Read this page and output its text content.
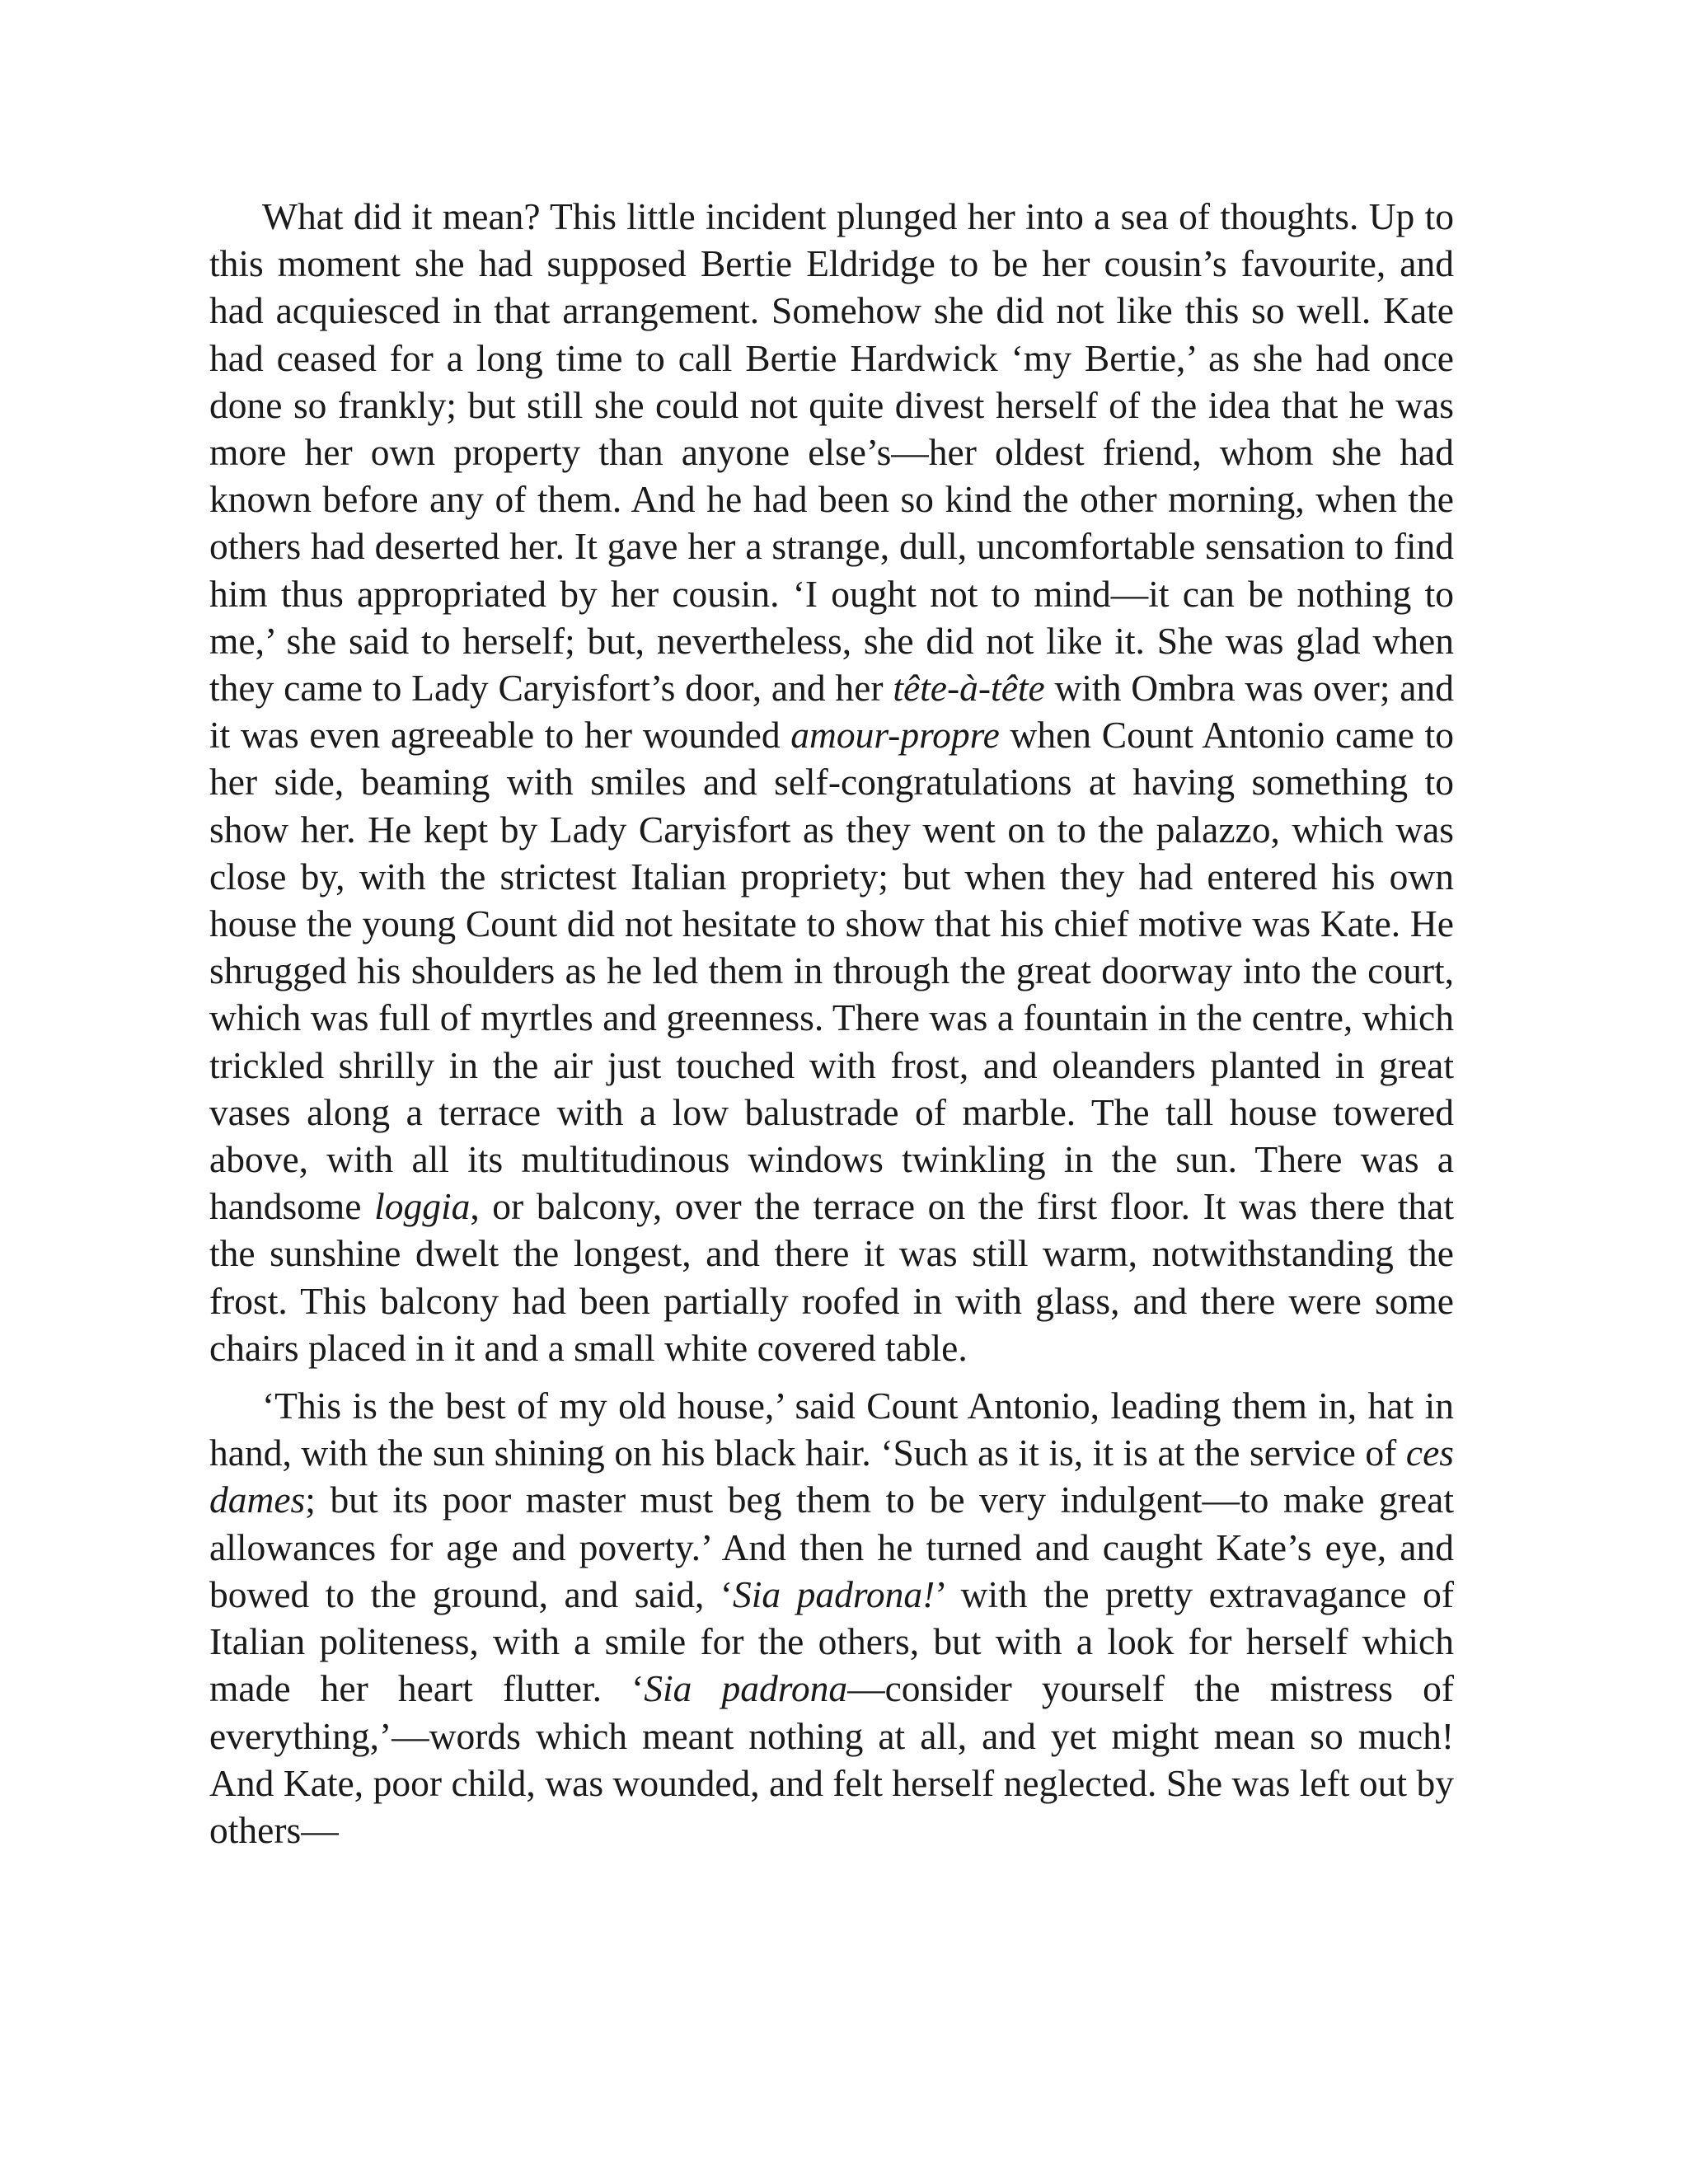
What did it mean? This little incident plunged her into a sea of thoughts. Up to this moment she had supposed Bertie Eldridge to be her cousin’s favourite, and had acquiesced in that arrangement. Somehow she did not like this so well. Kate had ceased for a long time to call Bertie Hardwick ‘my Bertie,’ as she had once done so frankly; but still she could not quite divest herself of the idea that he was more her own property than anyone else’s—her oldest friend, whom she had known before any of them. And he had been so kind the other morning, when the others had deserted her. It gave her a strange, dull, uncomfortable sensation to find him thus appropriated by her cousin. ‘I ought not to mind—it can be nothing to me,’ she said to herself; but, nevertheless, she did not like it. She was glad when they came to Lady Caryisfort’s door, and her tête-à-tête with Ombra was over; and it was even agreeable to her wounded amour-propre when Count Antonio came to her side, beaming with smiles and self-congratulations at having something to show her. He kept by Lady Caryisfort as they went on to the palazzo, which was close by, with the strictest Italian propriety; but when they had entered his own house the young Count did not hesitate to show that his chief motive was Kate. He shrugged his shoulders as he led them in through the great doorway into the court, which was full of myrtles and greenness. There was a fountain in the centre, which trickled shrilly in the air just touched with frost, and oleanders planted in great vases along a terrace with a low balustrade of marble. The tall house towered above, with all its multitudinous windows twinkling in the sun. There was a handsome loggia, or balcony, over the terrace on the first floor. It was there that the sunshine dwelt the longest, and there it was still warm, notwithstanding the frost. This balcony had been partially roofed in with glass, and there were some chairs placed in it and a small white covered table.

‘This is the best of my old house,’ said Count Antonio, leading them in, hat in hand, with the sun shining on his black hair. ‘Such as it is, it is at the service of ces dames; but its poor master must beg them to be very indulgent—to make great allowances for age and poverty.’ And then he turned and caught Kate’s eye, and bowed to the ground, and said, ‘Sia padrona!’ with the pretty extravagance of Italian politeness, with a smile for the others, but with a look for herself which made her heart flutter. ‘Sia padrona—consider yourself the mistress of everything,’—words which meant nothing at all, and yet might mean so much! And Kate, poor child, was wounded, and felt herself neglected. She was left out by others—
